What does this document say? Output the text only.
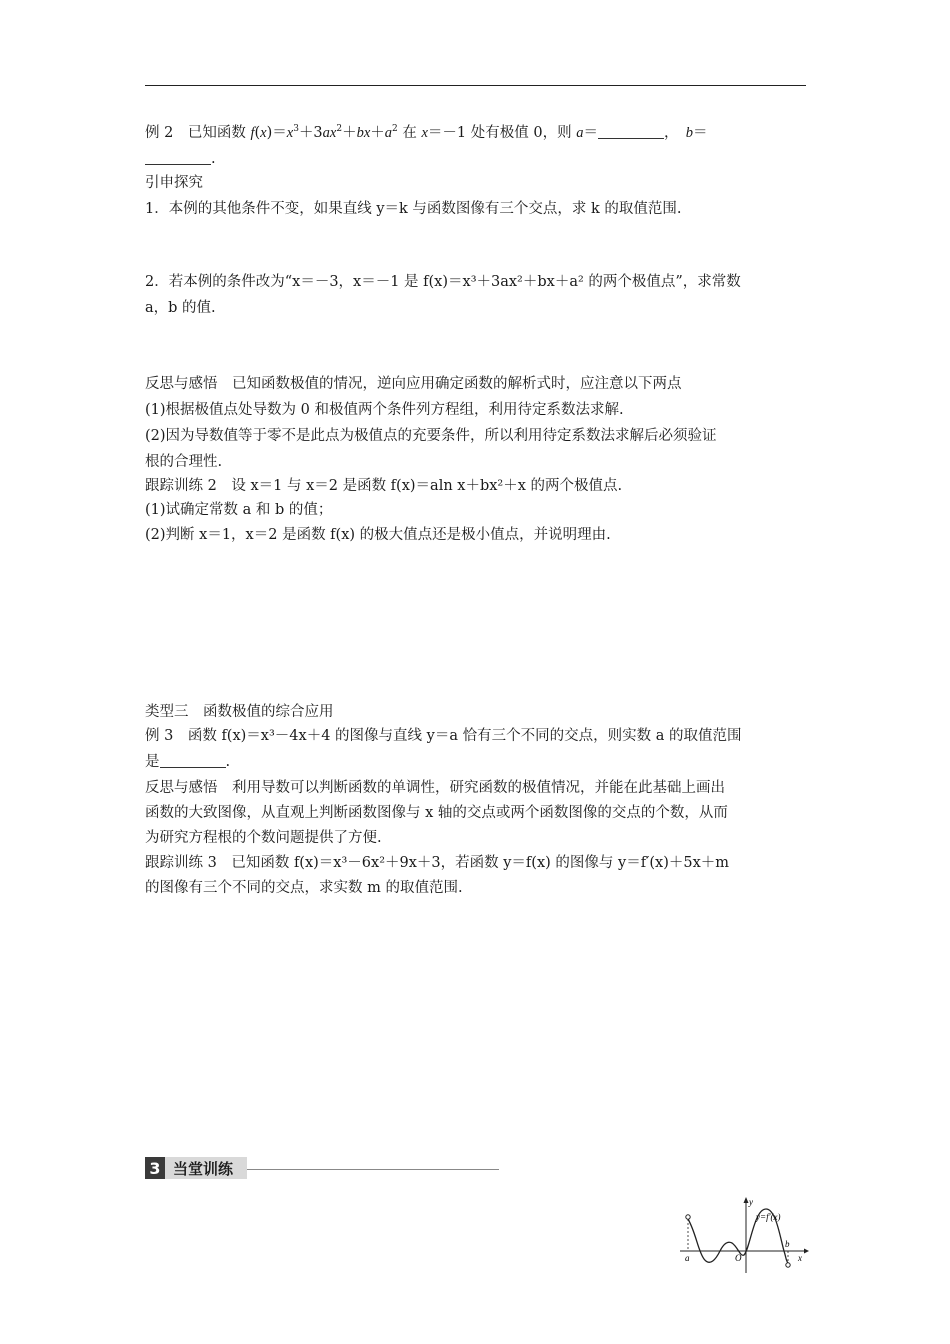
例 2　 已知函数 $f(x)=x^3+3ax^2+bx+a^2$ 在 x＝－1 处有极值 0，则 a＝	，　 b＝
.
引申探究
1．本例的其他条件不变，如果直线 y＝k 与函数图像有三个交点，求 k 的取值范围.
2．若本例的条件改为“x＝－3，x＝－1 是 f(x)＝x³＋3ax²＋bx＋a² 的两个极值点”，求常数
a，b 的值.
反思与感悟　已知函数极值的情况，逆向应用确定函数的解析式时，应注意以下两点
(1)根据极值点处导数为 0 和极值两个条件列方程组，利用待定系数法求解.
(2)因为导数值等于零不是此点为极值点的充要条件，所以利用待定系数法求解后必须验证
根的合理性.
跟踪训练 2　设 x＝1 与 x＝2 是函数 f(x)＝aln x＋bx²＋x 的两个极值点.
(1)试确定常数 a 和 b 的值；
(2)判断 x＝1，x＝2 是函数 f(x) 的极大值点还是极小值点，并说明理由.
类型三　函数极值的综合应用
例 3　函数 f(x)＝x³－4x＋4 的图像与直线 y＝a 恰有三个不同的交点，则实数 a 的取值范围
是	.
反思与感悟　利用导数可以判断函数的单调性，研究函数的极值情况，并能在此基础上画出
函数的大致图像，从直观上判断函数图像与 x 轴的交点或两个函数图像的交点的个数，从而
为研究方程根的个数问题提供了方便.
跟踪训练 3　已知函数 f(x)＝x³－6x²＋9x＋3，若函数 y＝f(x) 的图像与 y＝f′(x)＋5x＋m
的图像有三个不同的交点，求实数 m 的取值范围.
3 当堂训练
y
x
y=f′(x)
O
a
b
